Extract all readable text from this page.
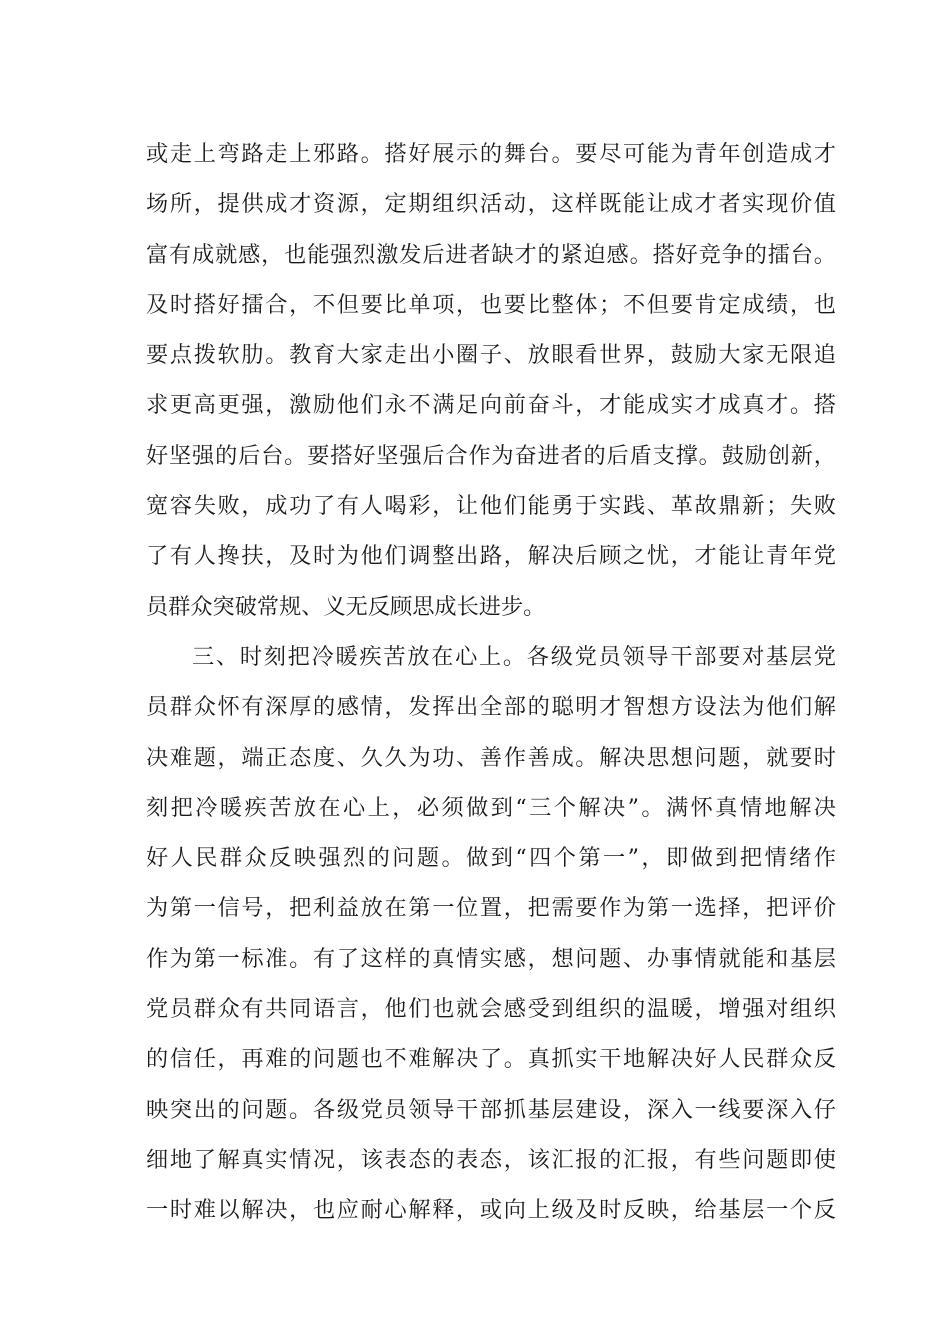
或走上弯路走上邪路。搭好展示的舞台。要尽可能为青年创造成才
场所，提供成才资源，定期组织活动，这样既能让成才者实现价值
富有成就感，也能强烈激发后进者缺才的紧迫感。搭好竞争的擂台。
及时搭好擂合，不但要比单项，也要比整体；不但要肯定成绩，也
要点拨软肋。教育大家走出小圈子、放眼看世界，鼓励大家无限追
求更高更强，激励他们永不满足向前奋斗，才能成实才成真才。搭
好坚强的后台。要搭好坚强后合作为奋进者的后盾支撑。鼓励创新，
宽容失败，成功了有人喝彩，让他们能勇于实践、革故鼎新；失败
了有人搀扶，及时为他们调整出路，解决后顾之忧，才能让青年党
员群众突破常规、义无反顾思成长进步。
三、时刻把冷暖疾苦放在心上。各级党员领导干部要对基层党
员群众怀有深厚的感情，发挥出全部的聪明才智想方设法为他们解
决难题，端正态度、久久为功、善作善成。解决思想问题，就要时
刻把冷暖疾苦放在心上，必须做到“三个解决”。满怀真情地解决
好人民群众反映强烈的问题。做到“四个第一”，即做到把情绪作
为第一信号，把利益放在第一位置，把需要作为第一选择，把评价
作为第一标准。有了这样的真情实感，想问题、办事情就能和基层
党员群众有共同语言，他们也就会感受到组织的温暖，增强对组织
的信任，再难的问题也不难解决了。真抓实干地解决好人民群众反
映突出的问题。各级党员领导干部抓基层建设，深入一线要深入仔
细地了解真实情况，该表态的表态，该汇报的汇报，有些问题即使
一时难以解决，也应耐心解释，或向上级及时反映，给基层一个反
